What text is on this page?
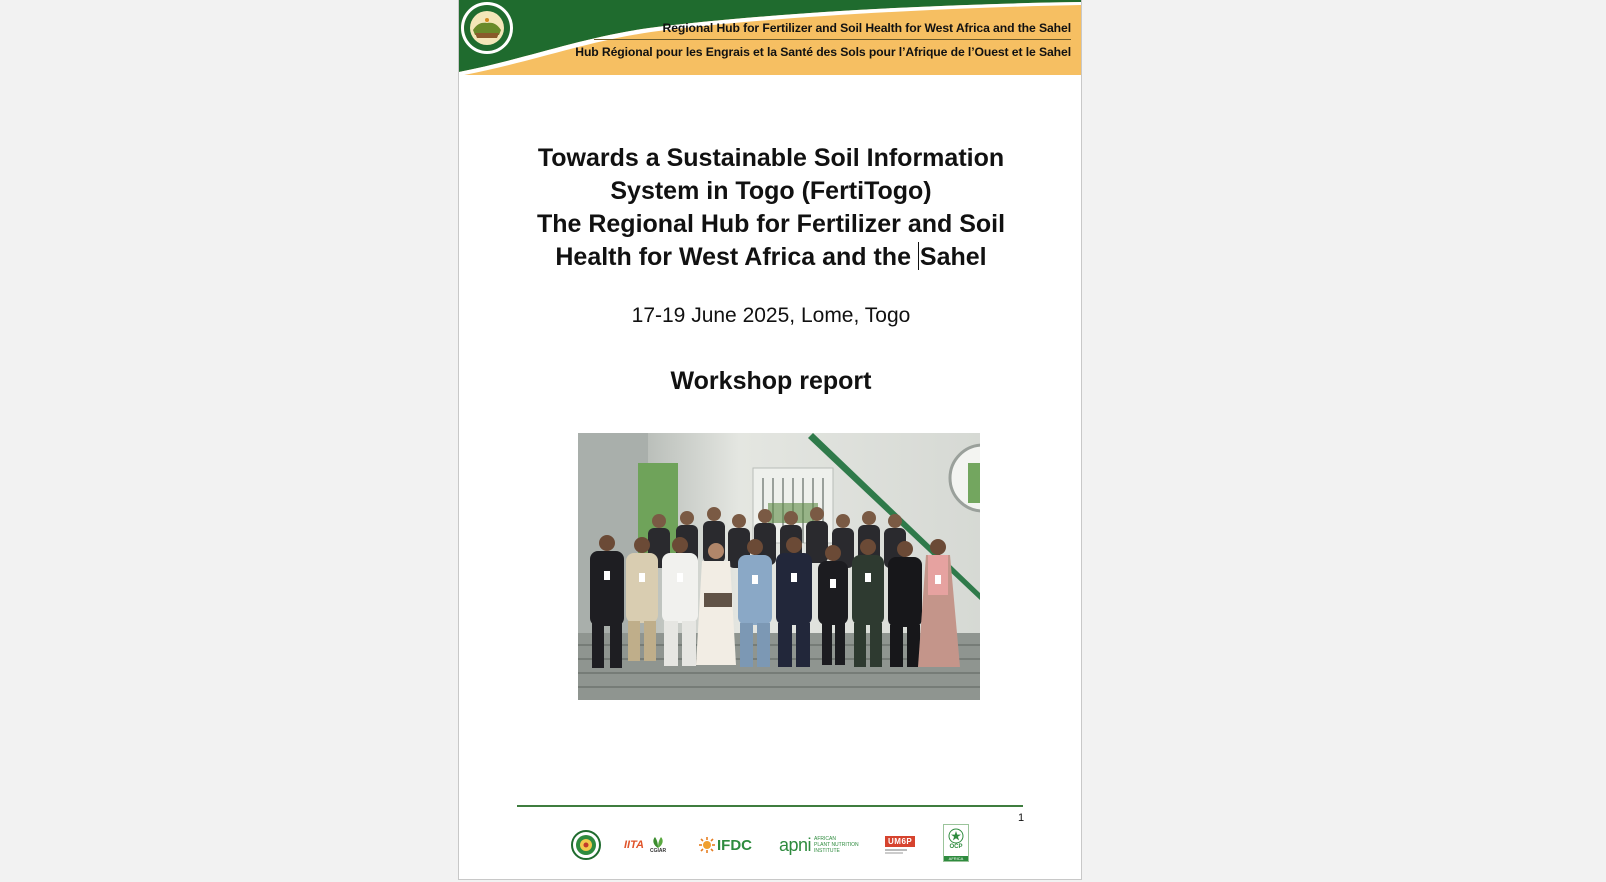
Regional Hub for Fertilizer and Soil Health for West Africa and the Sahel
Hub Régional pour les Engrais et la Santé des Sols pour l’Afrique de l’Ouest et le Sahel
Towards a Sustainable Soil Information
System in Togo (FertiTogo)
The Regional Hub for Fertilizer and Soil
Health for West Africa and the Sahel
17-19 June 2025, Lome, Togo
Workshop report
1
IITA CGIAR	IFDC apni AFRICAN
PLANT NUTRITION
INSTITUTE
UM6P
OCP
AFRICA
